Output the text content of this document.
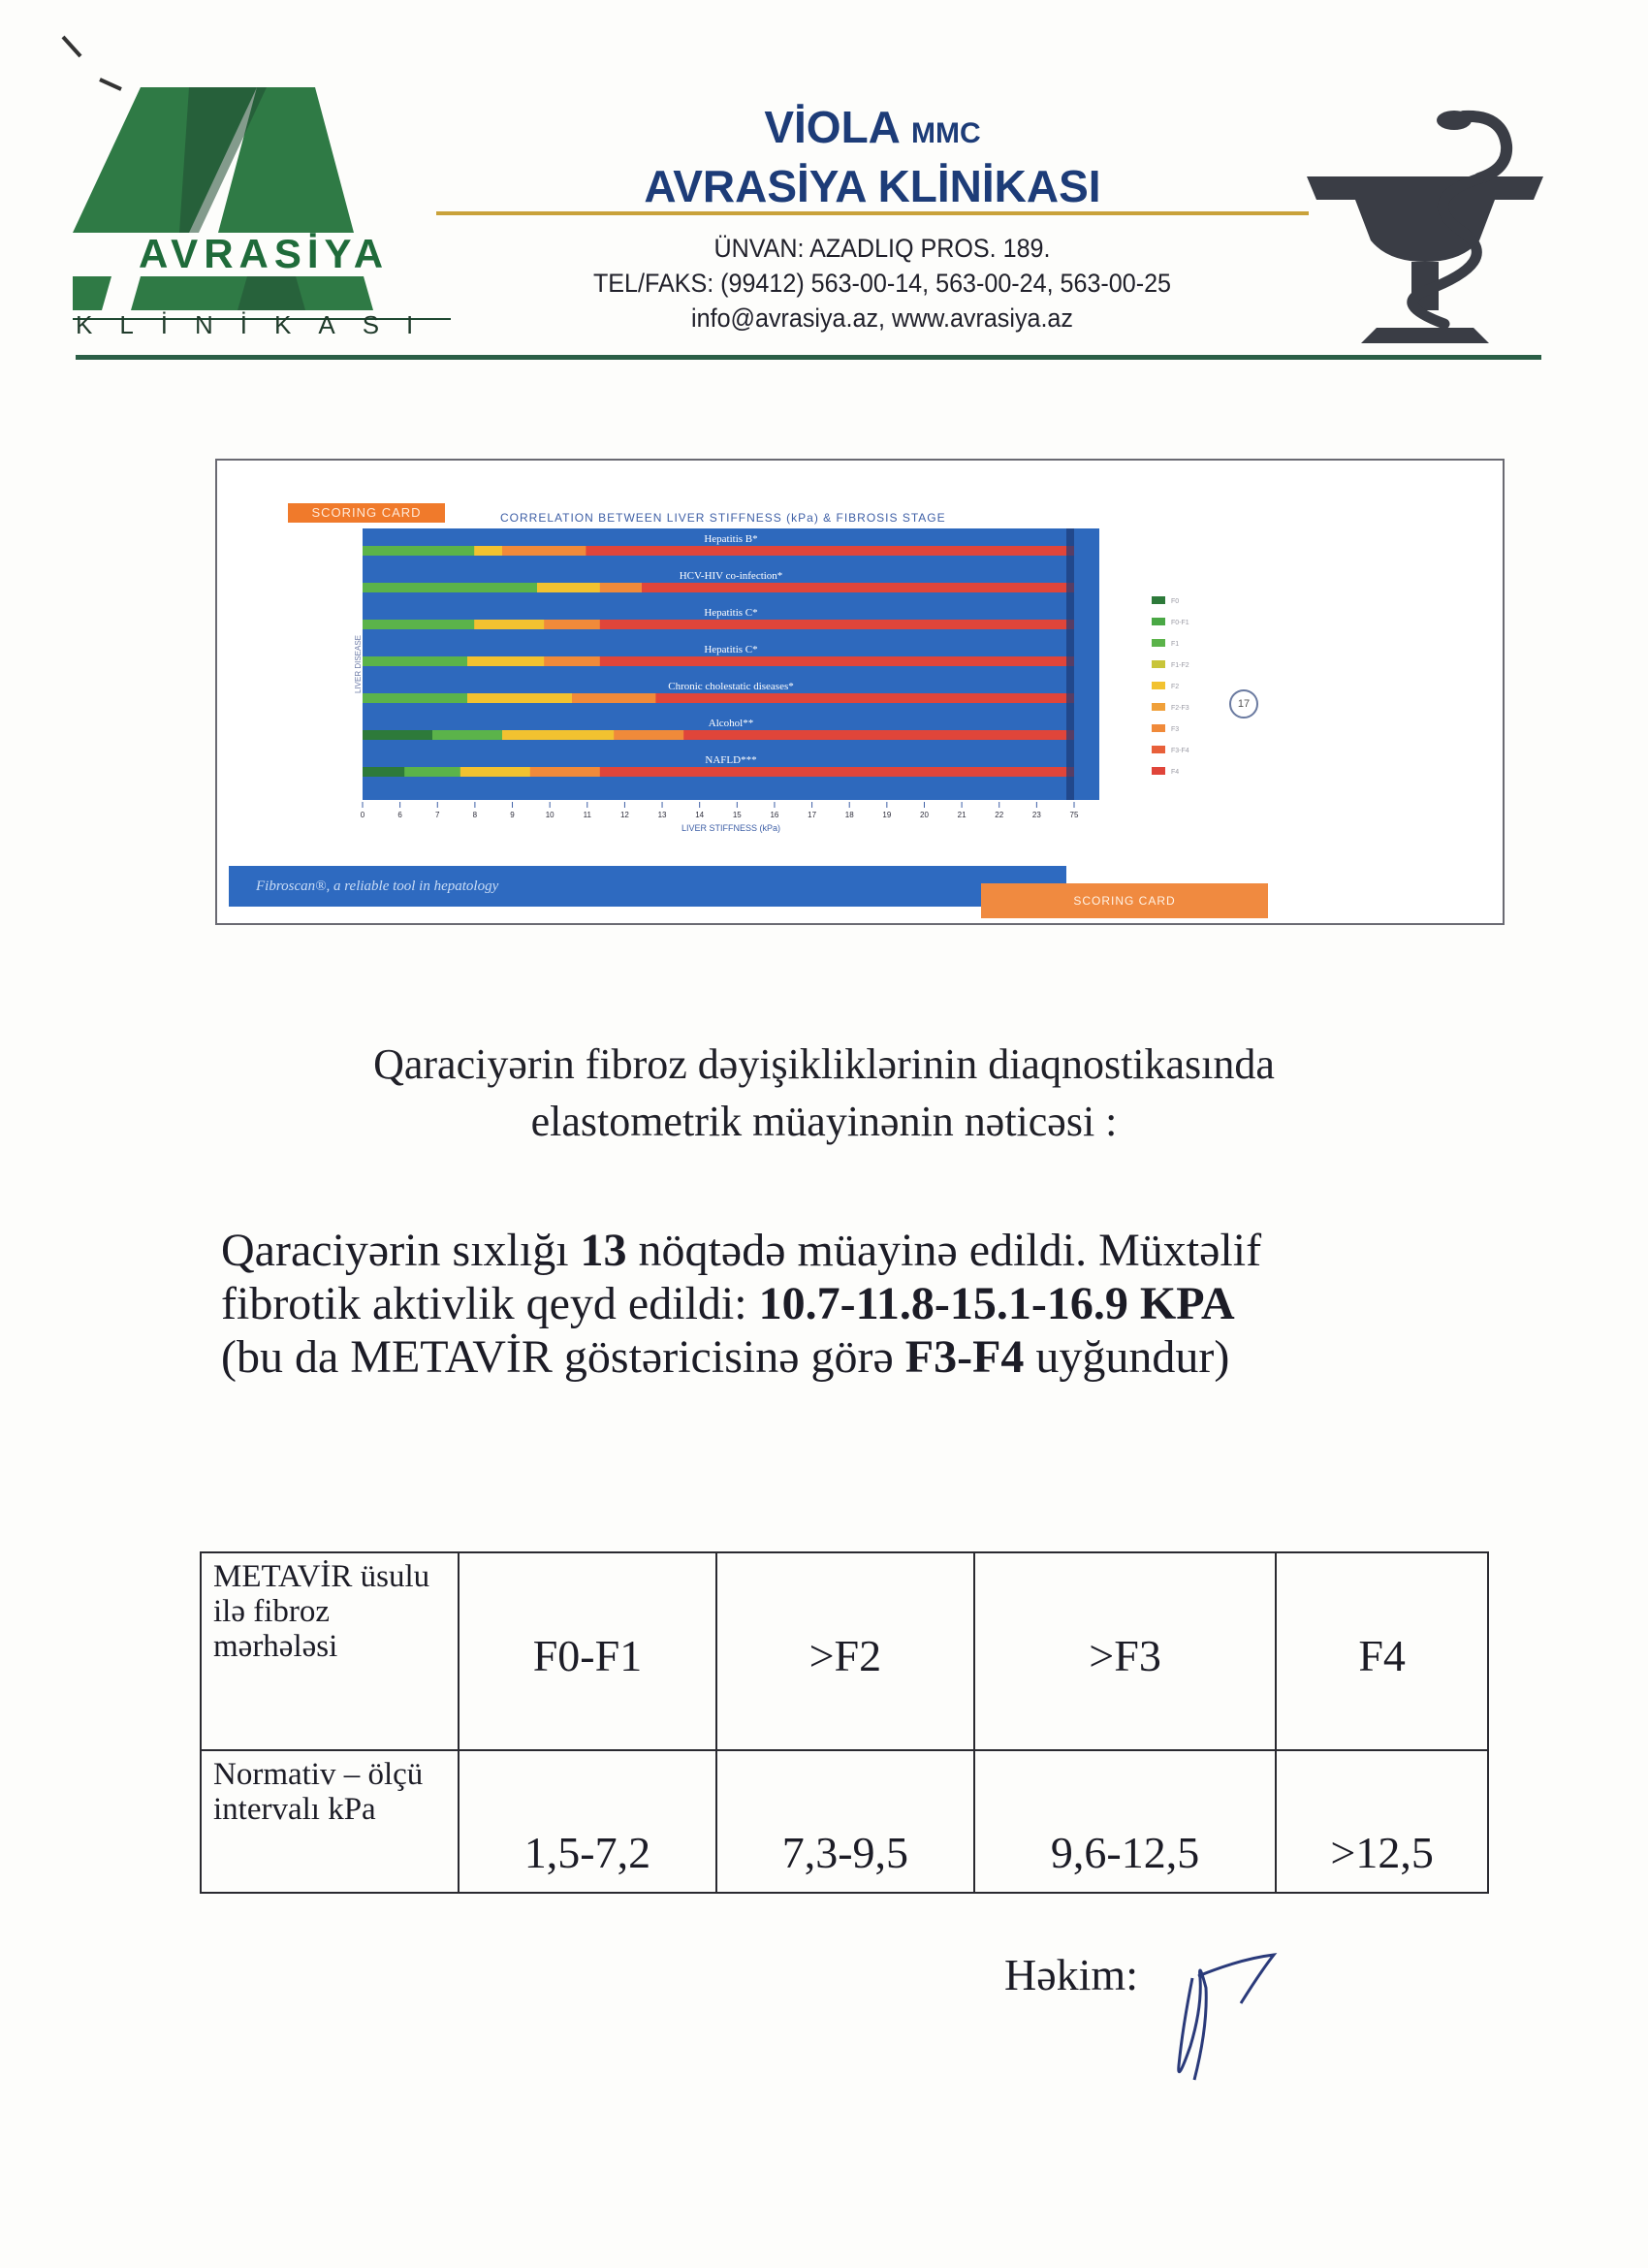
AVRASİYA
KLİNİKASI
VİOLA MMC
AVRASİYA KLİNİKASI
ÜNVAN: AZADLIQ PROS. 189.
TEL/FAKS: (99412) 563-00-14, 563-00-24, 563-00-25
info@avrasiya.az, www.avrasiya.az
SCORING CARD	CORRELATION BETWEEN LIVER STIFFNESS (kPa) & FIBROSIS STAGE
Hepatitis B*
HCV-HIV co-infection*
Hepatitis C*
Hepatitis C*
Chronic cholestatic diseases*
Alcohol**
NAFLD***
0	6	7	8	9	10	11	12	13	14	15	16	17	18	19	20	21	22	23	75
LIVER STIFFNESS (kPa)
LIVER DISEASE
F0
F0-F1
F1
F1-F2
F2
F2-F3
F3
F3-F4
F4
17
Fibroscan®, a reliable tool in hepatology
SCORING CARD
Qaraciyərin fibroz dəyişikliklərinin diaqnostikasında
elastometrik müayinənin nəticəsi :
Qaraciyərin sıxlığı 13 nöqtədə müayinə edildi. Müxtəlif
fibrotik aktivlik qeyd edildi: 10.7-11.8-15.1-16.9 KPA
(bu da METAVİR göstəricisinə görə F3-F4 uyğundur)
METAVİR üsulu ilə fibroz mərhələsi	F0-F1	>F2	>F3	F4
Normativ – ölçü intervalı kPa	1,5-7,2	7,3-9,5	9,6-12,5	>12,5
Həkim:
